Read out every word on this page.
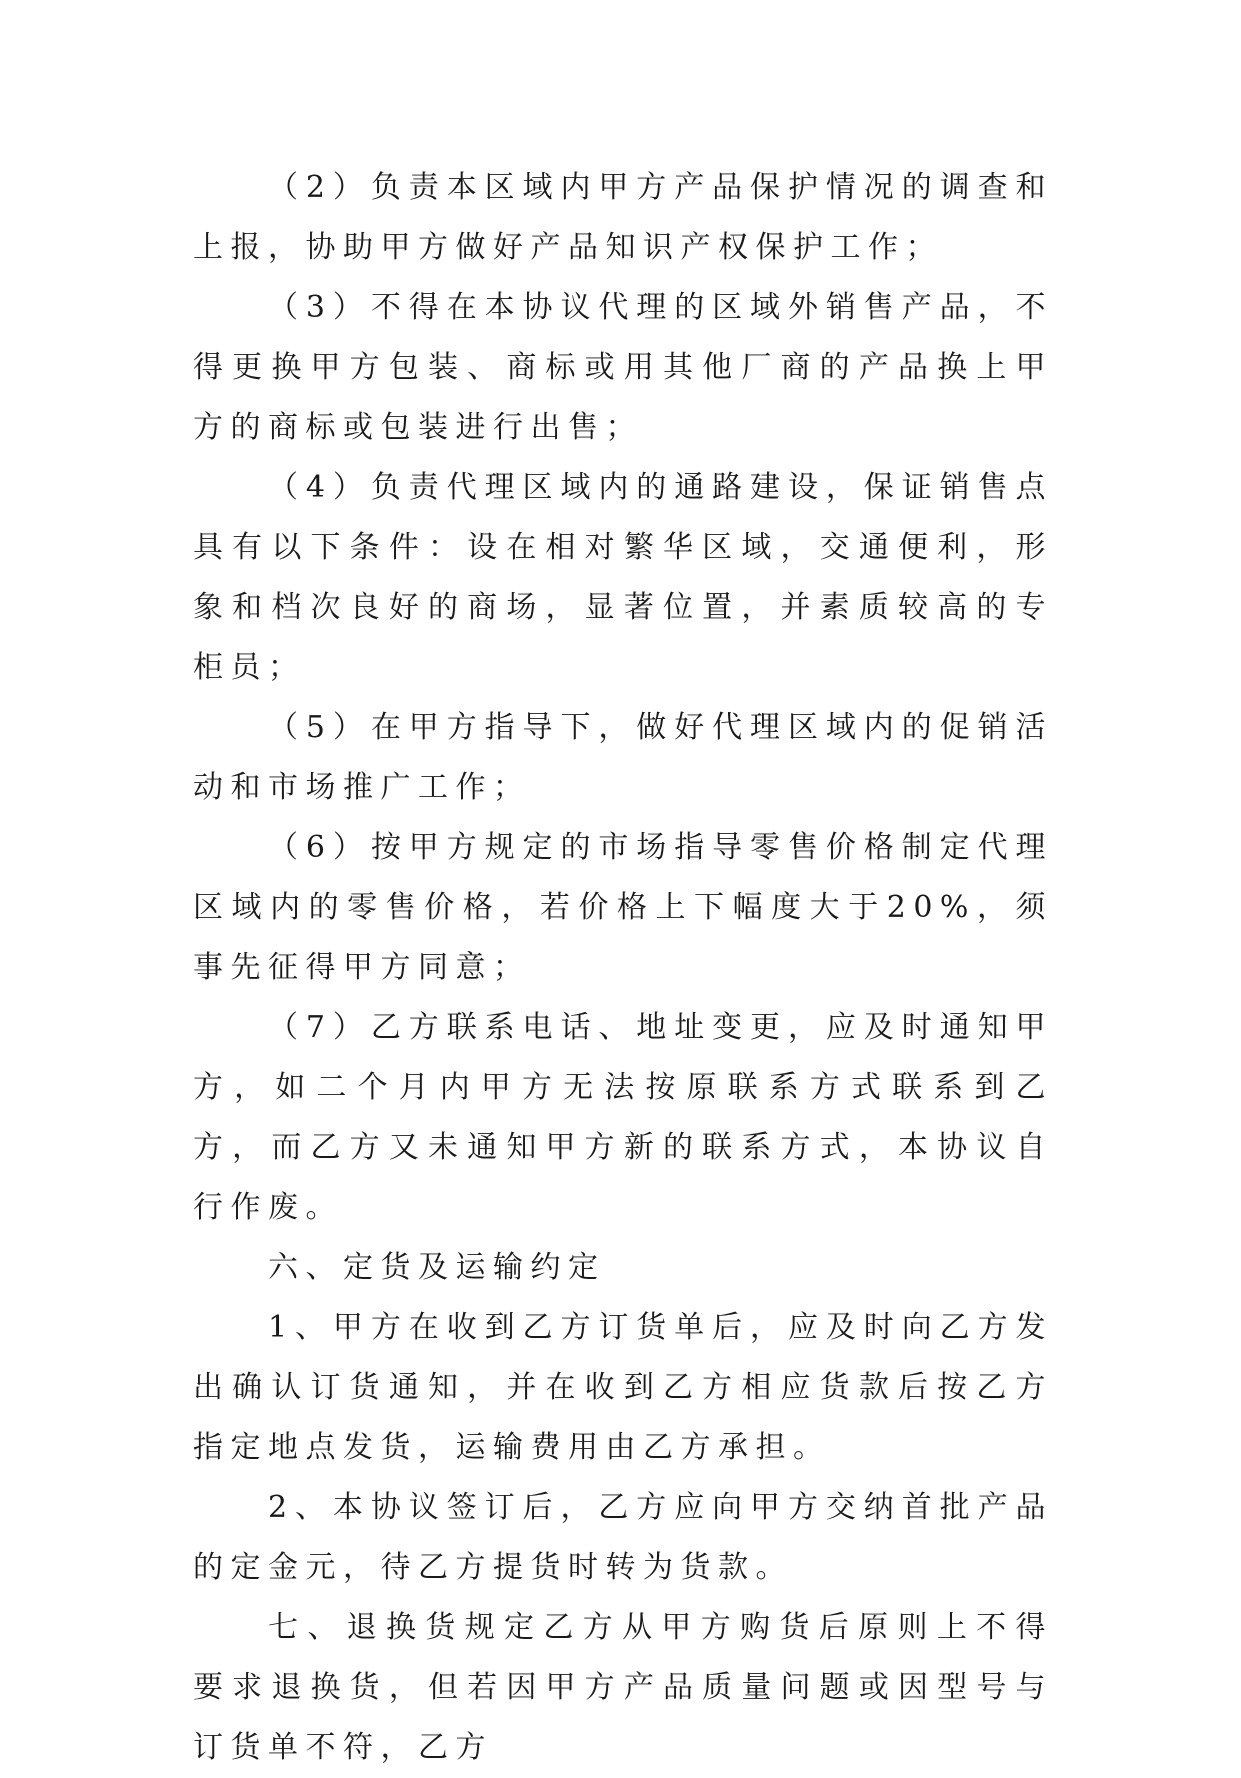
（2）负责本区域内甲方产品保护情况的调查和上报，协助甲方做好产品知识产权保护工作；

（3）不得在本协议代理的区域外销售产品，不得更换甲方包装、商标或用其他厂商的产品换上甲方的商标或包装进行出售；

（4）负责代理区域内的通路建设，保证销售点具有以下条件：设在相对繁华区域，交通便利，形象和档次良好的商场，显著位置，并素质较高的专柜员；

（5）在甲方指导下，做好代理区域内的促销活动和市场推广工作；

（6）按甲方规定的市场指导零售价格制定代理区域内的零售价格，若价格上下幅度大于20%，须事先征得甲方同意；

（7）乙方联系电话、地址变更，应及时通知甲方，如二个月内甲方无法按原联系方式联系到乙方，而乙方又未通知甲方新的联系方式，本协议自行作废。

六、定货及运输约定

1、甲方在收到乙方订货单后，应及时向乙方发出确认订货通知，并在收到乙方相应货款后按乙方指定地点发货，运输费用由乙方承担。

2、本协议签订后，乙方应向甲方交纳首批产品的定金元，待乙方提货时转为货款。

七、退换货规定乙方从甲方购货后原则上不得要求退换货，但若因甲方产品质量问题或因型号与订货单不符，乙方
